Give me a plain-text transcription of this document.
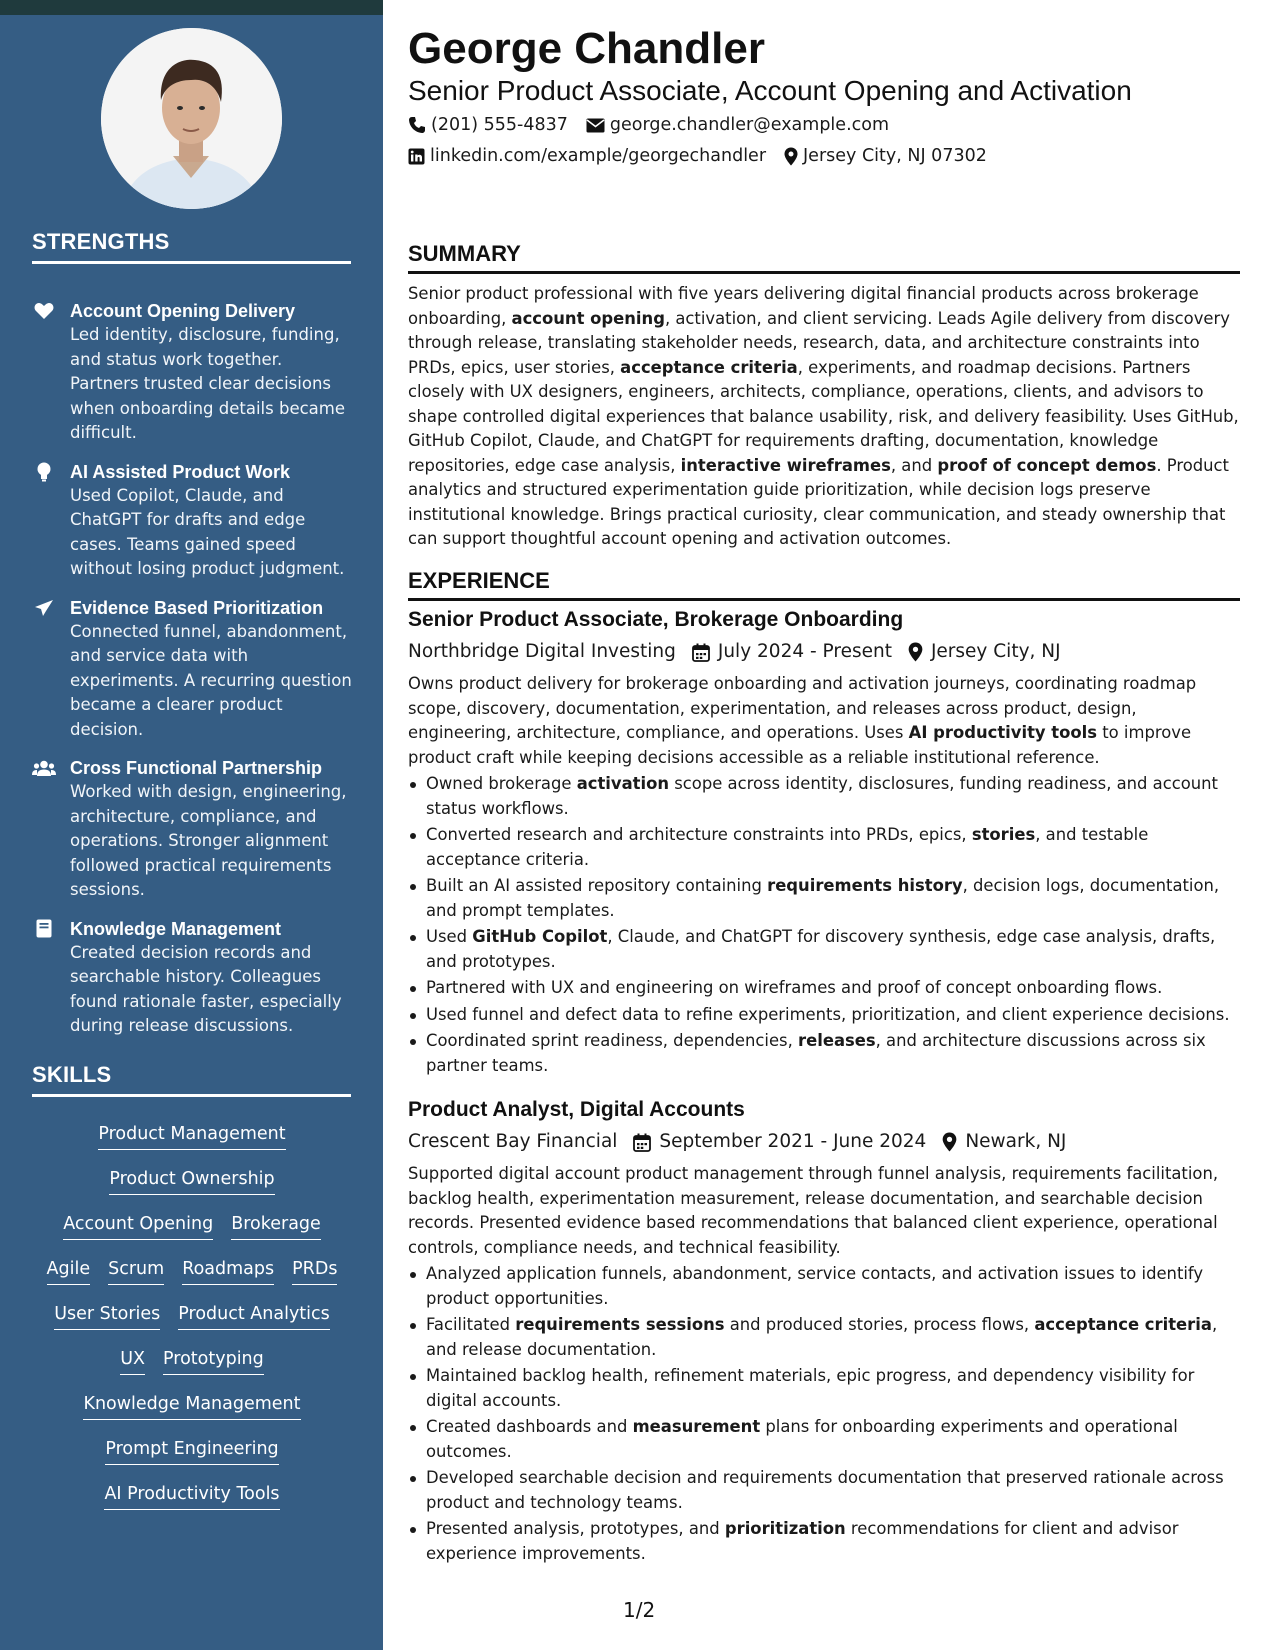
STRENGTHS
Account Opening Delivery
Led identity, disclosure, funding, and status work together. Partners trusted clear decisions when onboarding details became difficult.
AI Assisted Product Work
Used Copilot, Claude, and ChatGPT for drafts and edge cases. Teams gained speed without losing product judgment.
Evidence Based Prioritization
Connected funnel, abandonment, and service data with experiments. A recurring question became a clearer product decision.
Cross Functional Partnership
Worked with design, engineering, architecture, compliance, and operations. Stronger alignment followed practical requirements sessions.
Knowledge Management
Created decision records and searchable history. Colleagues found rationale faster, especially during release discussions.
SKILLS
Product Management
Product Ownership
Account Opening Brokerage
Agile Scrum Roadmaps PRDs
User Stories Product Analytics
UX Prototyping
Knowledge Management
Prompt Engineering
AI Productivity Tools
George Chandler
Senior Product Associate, Account Opening and Activation
(201) 555-4837 george.chandler@example.com
linkedin.com/example/georgechandler Jersey City, NJ 07302
SUMMARY

Senior product professional with five years delivering digital financial products across brokerage onboarding, account opening, activation, and client servicing. Leads Agile delivery from discovery through release, translating stakeholder needs, research, data, and architecture constraints into PRDs, epics, user stories, acceptance criteria, experiments, and roadmap decisions. Partners closely with UX designers, engineers, architects, compliance, operations, clients, and advisors to shape controlled digital experiences that balance usability, risk, and delivery feasibility. Uses GitHub, GitHub Copilot, Claude, and ChatGPT for requirements drafting, documentation, knowledge repositories, edge case analysis, interactive wireframes, and proof of concept demos. Product analytics and structured experimentation guide prioritization, while decision logs preserve institutional knowledge. Brings practical curiosity, clear communication, and steady ownership that can support thoughtful account opening and activation outcomes.

EXPERIENCE
Senior Product Associate, Brokerage Onboarding
Northbridge Digital Investing July 2024 - Present Jersey City, NJ

Owns product delivery for brokerage onboarding and activation journeys, coordinating roadmap scope, discovery, documentation, experimentation, and releases across product, design, engineering, architecture, compliance, and operations. Uses AI productivity tools to improve product craft while keeping decisions accessible as a reliable institutional reference.

Owned brokerage activation scope across identity, disclosures, funding readiness, and account status workflows.
Converted research and architecture constraints into PRDs, epics, stories, and testable acceptance criteria.
Built an AI assisted repository containing requirements history, decision logs, documentation, and prompt templates.
Used GitHub Copilot, Claude, and ChatGPT for discovery synthesis, edge case analysis, drafts, and prototypes.
Partnered with UX and engineering on wireframes and proof of concept onboarding flows.
Used funnel and defect data to refine experiments, prioritization, and client experience decisions.
Coordinated sprint readiness, dependencies, releases, and architecture discussions across six partner teams.
Product Analyst, Digital Accounts
Crescent Bay Financial September 2021 - June 2024 Newark, NJ

Supported digital account product management through funnel analysis, requirements facilitation, backlog health, experimentation measurement, release documentation, and searchable decision records. Presented evidence based recommendations that balanced client experience, operational controls, compliance needs, and technical feasibility.

Analyzed application funnels, abandonment, service contacts, and activation issues to identify product opportunities.
Facilitated requirements sessions and produced stories, process flows, acceptance criteria, and release documentation.
Maintained backlog health, refinement materials, epic progress, and dependency visibility for digital accounts.
Created dashboards and measurement plans for onboarding experiments and operational outcomes.
Developed searchable decision and requirements documentation that preserved rationale across product and technology teams.
Presented analysis, prototypes, and prioritization recommendations for client and advisor experience improvements.
1/2
